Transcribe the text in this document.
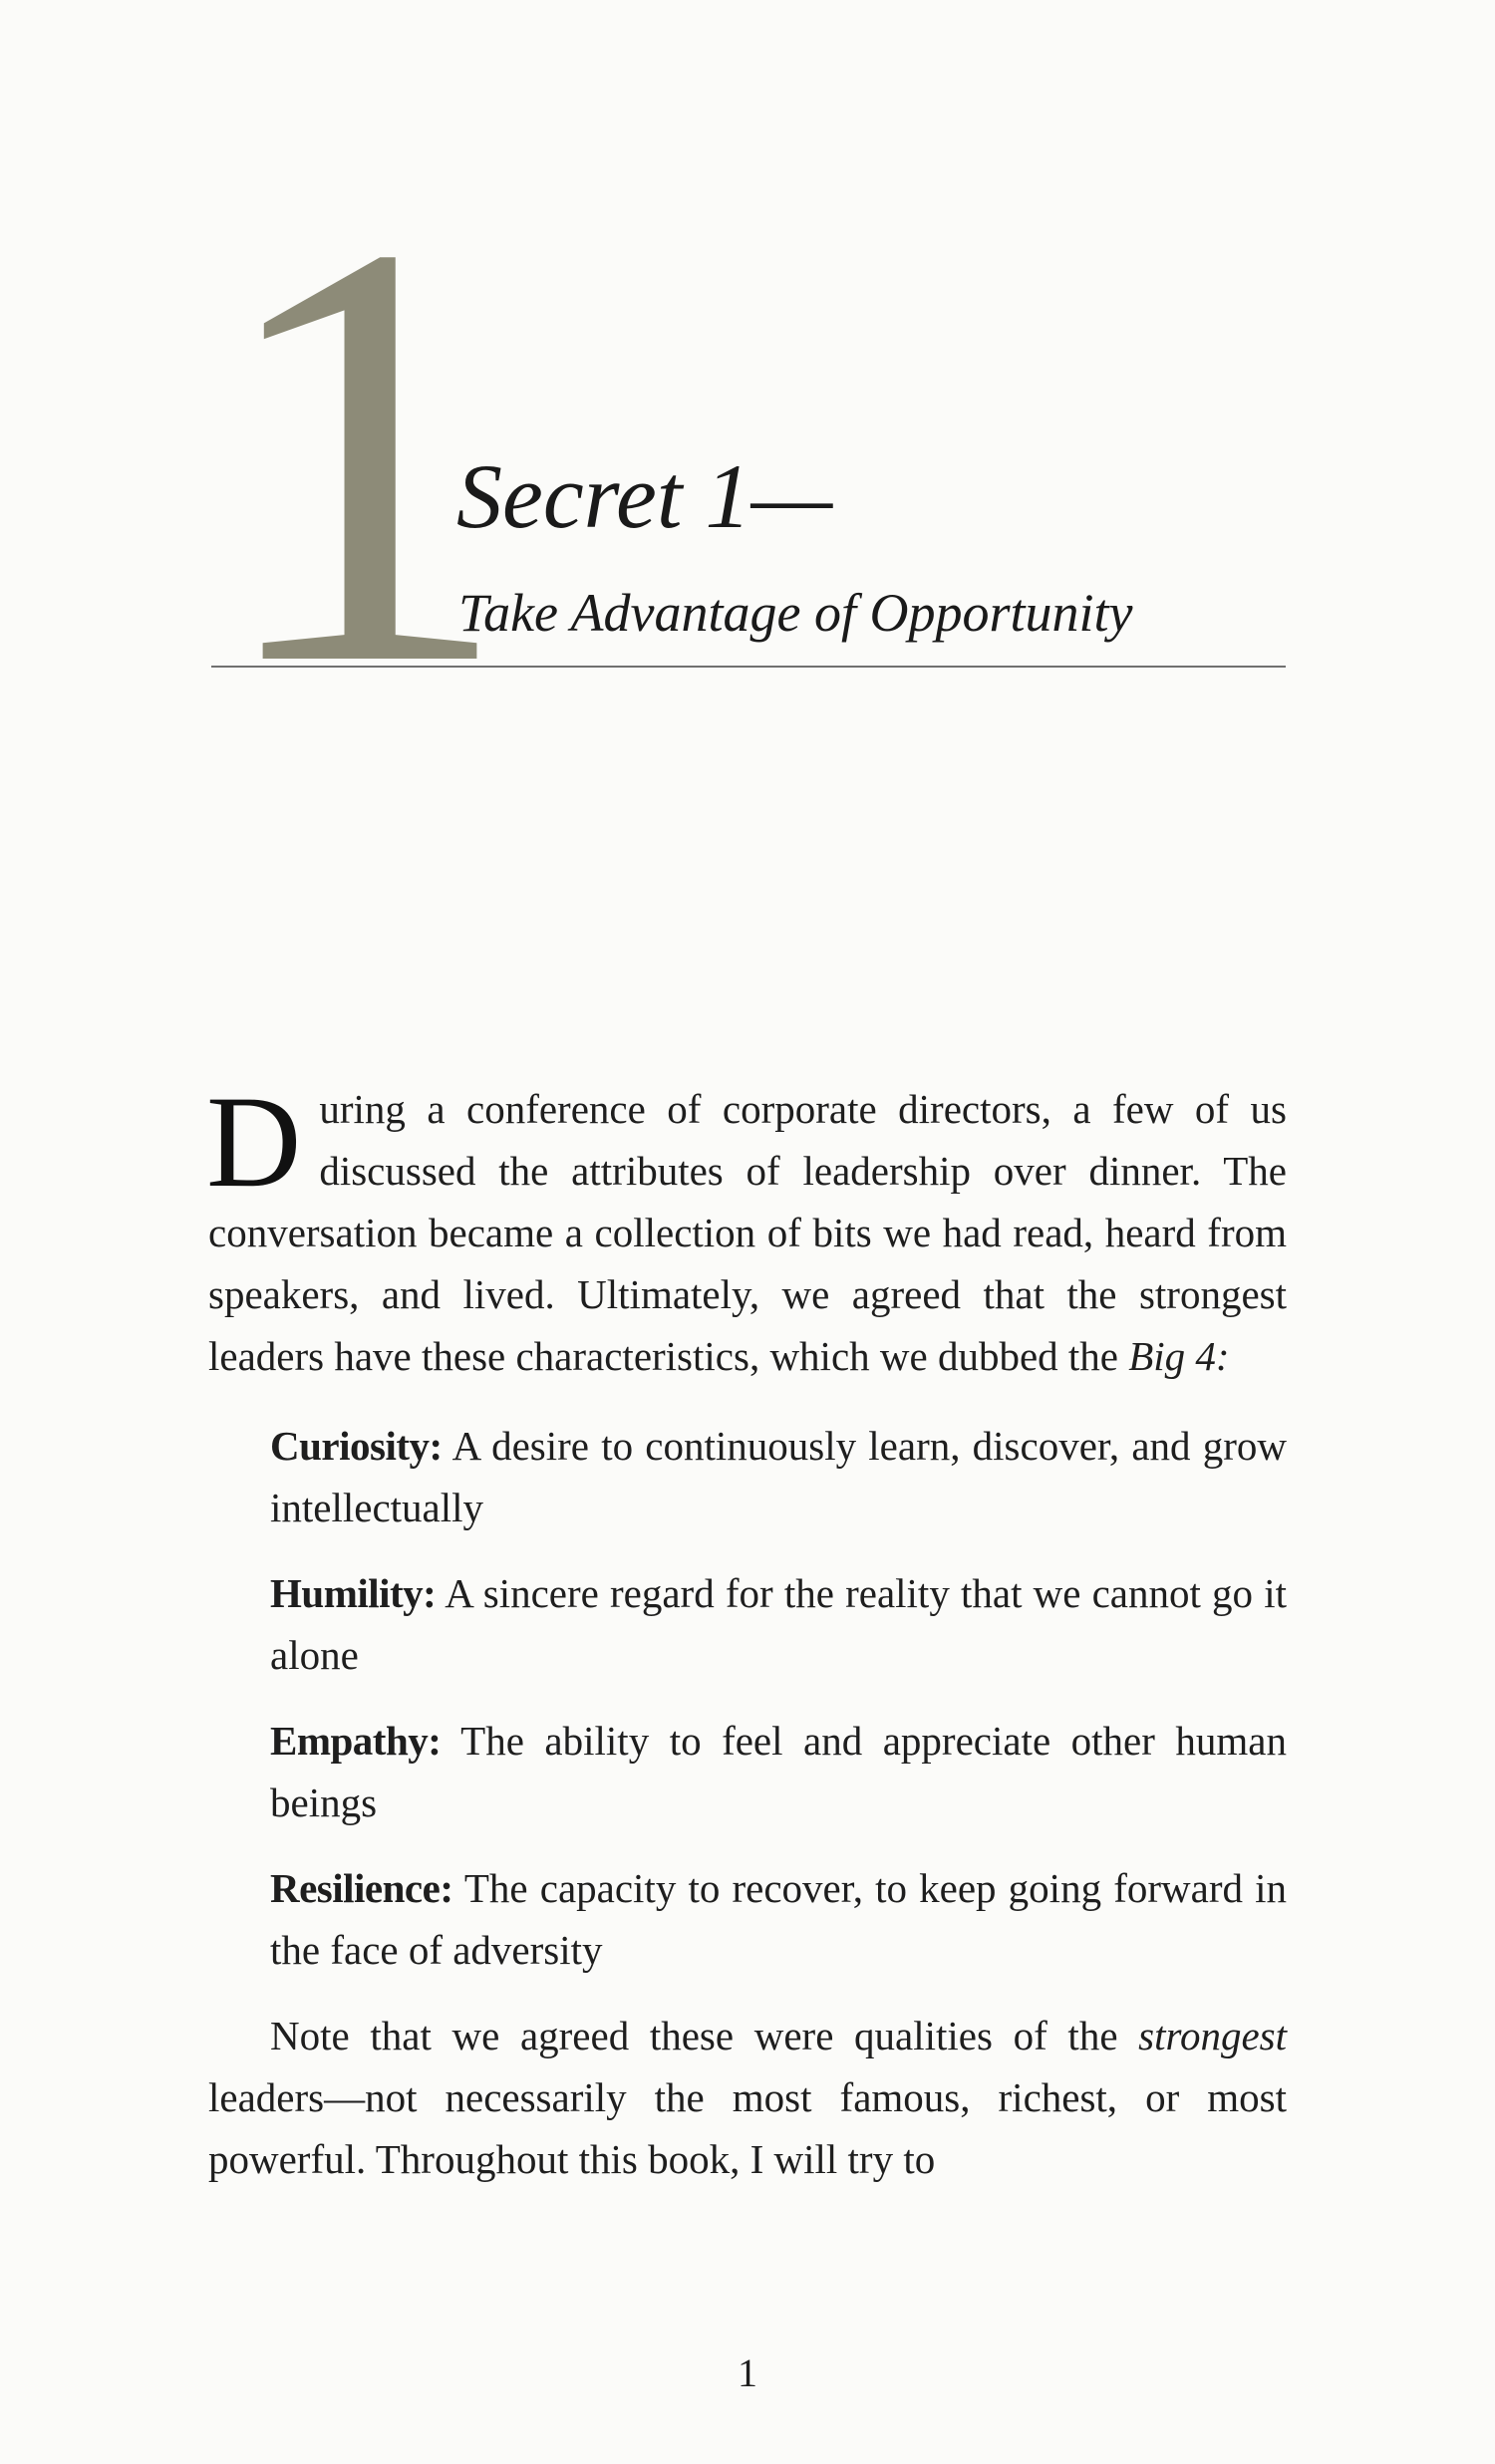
1
Secret 1—
Take Advantage of Opportunity

During a conference of corporate directors, a few of us discussed the attributes of leadership over dinner. The conversation became a collection of bits we had read, heard from speakers, and lived. Ultimately, we agreed that the strongest leaders have these characteristics, which we dubbed the Big 4:

Curiosity: A desire to continuously learn, discover, and grow intellectually
Humility: A sincere regard for the reality that we cannot go it alone
Empathy: The ability to feel and appreciate other human beings
Resilience: The capacity to recover, to keep going forward in the face of adversity

Note that we agreed these were qualities of the strongest leaders—not necessarily the most famous, richest, or most powerful. Throughout this book, I will try to

1
